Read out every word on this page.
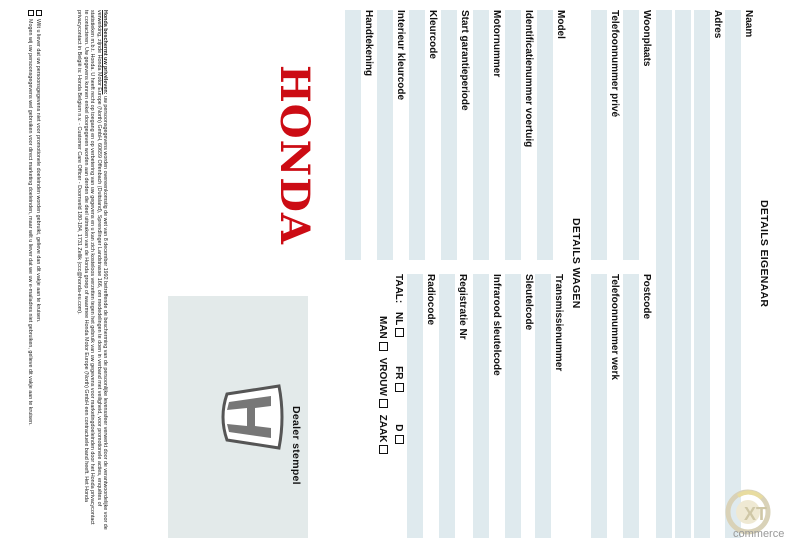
DETAILS EIGENAAR
Naam
Adres
Woonplaats
Postcode
Telefoonnummer privé
Telefoonnummer werk
DETAILS WAGEN
Model
Transmissienummer
Identificatienummer voertuig
Sleutelcode
Motornummer
Infrarood sleutelcode
Start garantieperiode
Registratie Nr
Kleurcode
Radiocode
Interieur kleurcode
TAAL: NL FR D
MAN VROUW ZAAK
Handtekening
HONDA
Honda beschermt uw privéleven: uw persoonsgegevens worden overeenkomstig de wet van 8 december 1992 betreffende de bescherming van de persoonlijke levenssfeer verwerkt door de verantwoordelijke voor de verwerking, zijnde Honda Motor Europe (North) GmbH, 60659 Offenbach (Duitsland), Sprendlinger Landstrasse 166, om mededelingen te doen in verband met veiligheid, voor promotionele acties, enquêtes of statistieken m.b.t. Honda. U heeft recht op toegang en op verbetering van uw gegevens en u kan zich kosteloos verzetten tegen het gebruik van uw gegevens voor marketingdoeleinden door het Honda privacycontact te contacteren. Uw gegevens kunnen enkel doorgegeven worden aan derden die deel uitmaken van de Honda groep of waarmee Honda Motor Europe (North) GmbH een contractuele band heeft. Het Honda privacycontact in België is: Honda Belgium n.v. - Customer Care Officer - Doornveld 180-184, 1731 Zellik (ccc@honda-eu.com).
Wilt u liever dat uw persoonsgegevens niet voor promotionele doeleinden worden gebruikt, gelieve dan dit vakje aan te kruisen.
Mogen wij uw persoonsgegevens wel gebruiken voor direct marketing doeleinden, maar wilt u liever dat we uw e-mailadres niet gebruiken, gelieve dit vakje aan te kruisen.
Dealer stempel
XT
commerce
